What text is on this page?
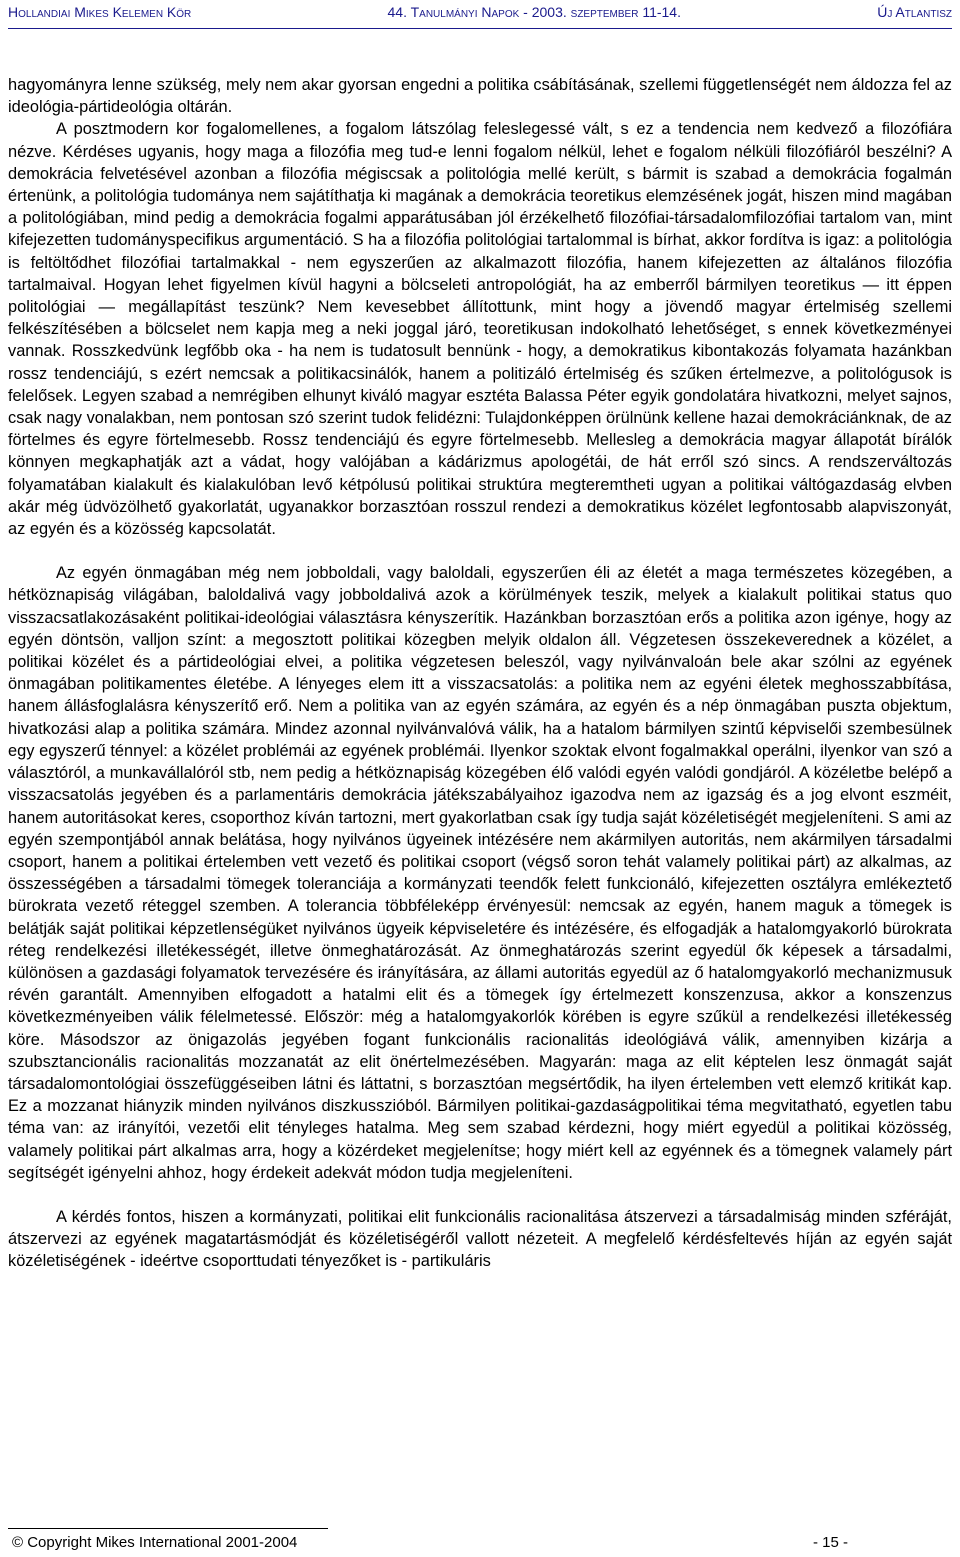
Hollandiai Mikes Kelemen Kör	44. Tanulmányi Napok - 2003. szeptember 11-14.	Új Atlantisz

hagyományra lenne szükség, mely nem akar gyorsan engedni a politika csábításának, szellemi függetlenségét nem áldozza fel az ideológia-pártideológia oltárán.

A posztmodern kor fogalomellenes, a fogalom látszólag feleslegessé vált, s ez a tendencia nem kedvező a filozófiára nézve. Kérdéses ugyanis, hogy maga a filozófia meg tud-e lenni fogalom nélkül, lehet e fogalom nélküli filozófiáról beszélni? A demokrácia felvetésével azonban a filozófia mégiscsak a politológia mellé került, s bármit is szabad a demokrácia fogalmán értenünk, a politológia tudománya nem sajátíthatja ki magának a demokrácia teoretikus elemzésének jogát, hiszen mind magában a politológiában, mind pedig a demokrácia fogalmi apparátusában jól érzékelhető filozófiai-társadalomfilozófiai tartalom van, mint kifejezetten tudományspecifikus argumentáció. S ha a filozófia politológiai tartalommal is bírhat, akkor fordítva is igaz: a politológia is feltöltődhet filozófiai tartalmakkal - nem egyszerűen az alkalmazott filozófia, hanem kifejezetten az általános filozófia tartalmaival. Hogyan lehet figyelmen kívül hagyni a bölcseleti antropológiát, ha az emberről bármilyen teoretikus — itt éppen politológiai — megállapítást teszünk? Nem kevesebbet állítottunk, mint hogy a jövendő magyar értelmiség szellemi felkészítésében a bölcselet nem kapja meg a neki joggal járó, teoretikusan indokolható lehetőséget, s ennek következményei vannak. Rosszkedvünk legfőbb oka - ha nem is tudatosult bennünk - hogy, a demokratikus kibontakozás folyamata hazánkban rossz tendenciájú, s ezért nemcsak a politikacsinálók, hanem a politizáló értelmiség és szűken értelmezve, a politológusok is felelősek. Legyen szabad a nemrégiben elhunyt kiváló magyar esztéta Balassa Péter egyik gondolatára hivatkozni, melyet sajnos, csak nagy vonalakban, nem pontosan szó szerint tudok felidézni: Tulajdonképpen örülnünk kellene hazai demokráciánknak, de az förtelmes és egyre förtelmesebb. Rossz tendenciájú és egyre förtelmesebb. Mellesleg a demokrácia magyar állapotát bírálók könnyen megkaphatják azt a vádat, hogy valójában a kádárizmus apologétái, de hát erről szó sincs. A rendszerváltozás folyamatában kialakult és kialakulóban levő kétpólusú politikai struktúra megteremtheti ugyan a politikai váltógazdaság elvben akár még üdvözölhető gyakorlatát, ugyanakkor borzasztóan rosszul rendezi a demokratikus közélet legfontosabb alapviszonyát, az egyén és a közösség kapcsolatát.

Az egyén önmagában még nem jobboldali, vagy baloldali, egyszerűen éli az életét a maga természetes közegében, a hétköznapiság világában, baloldalivá vagy jobboldalivá azok a körülmények teszik, melyek a kialakult politikai status quo visszacsatlakozásaként politikai-ideológiai választásra kényszerítik. Hazánkban borzasztóan erős a politika azon igénye, hogy az egyén döntsön, valljon színt: a megosztott politikai közegben melyik oldalon áll. Végzetesen összekeverednek a közélet, a politikai közélet és a pártideológiai elvei, a politika végzetesen beleszól, vagy nyilvánvaloán bele akar szólni az egyének önmagában politikamentes életébe. A lényeges elem itt a visszacsatolás: a politika nem az egyéni életek meghosszabbítása, hanem állásfoglalásra kényszerítő erő. Nem a politika van az egyén számára, az egyén és a nép önmagában puszta objektum, hivatkozási alap a politika számára. Mindez azonnal nyilvánvalóvá válik, ha a hatalom bármilyen szintű képviselői szembesülnek egy egyszerű ténnyel: a közélet problémái az egyének problémái. Ilyenkor szoktak elvont fogalmakkal operálni, ilyenkor van szó a választóról, a munkavállalóról stb, nem pedig a hétköznapiság közegében élő valódi egyén valódi gondjáról. A közéletbe belépő a visszacsatolás jegyében és a parlamentáris demokrácia játékszabályaihoz igazodva nem az igazság és a jog elvont eszméit, hanem autoritásokat keres, csoporthoz kíván tartozni, mert gyakorlatban csak így tudja saját közéletiségét megjeleníteni. S ami az egyén szempontjából annak belátása, hogy nyilvános ügyeinek intézésére nem akármilyen autoritás, nem akármilyen társadalmi csoport, hanem a politikai értelemben vett vezető és politikai csoport (végső soron tehát valamely politikai párt) az alkalmas, az összességében a társadalmi tömegek toleranciája a kormányzati teendők felett funkcionáló, kifejezetten osztályra emlékeztető bürokrata vezető réteggel szemben. A tolerancia többféleképp érvényesül: nemcsak az egyén, hanem maguk a tömegek is belátják saját politikai képzetlenségüket nyilvános ügyeik képviseletére és intézésére, és elfogadják a hatalomgyakorló bürokrata réteg rendelkezési illetékességét, illetve önmeghatározását. Az önmeghatározás szerint egyedül ők képesek a társadalmi, különösen a gazdasági folyamatok tervezésére és irányítására, az állami autoritás egyedül az ő hatalomgyakorló mechanizmusuk révén garantált. Amennyiben elfogadott a hatalmi elit és a tömegek így értelmezett konszenzusa, akkor a konszenzus következményeiben válik félelmetessé. Először: még a hatalomgyakorlók körében is egyre szűkül a rendelkezési illetékesség köre. Másodszor az önigazolás jegyében fogant funkcionális racionalitás ideológiává válik, amennyiben kizárja a szubsztancionális racionalitás mozzanatát az elit önértelmezésében. Magyarán: maga az elit képtelen lesz önmagát saját társadalomontológiai összefüggéseiben látni és láttatni, s borzasztóan megsértődik, ha ilyen értelemben vett elemző kritikát kap. Ez a mozzanat hiányzik minden nyilvános diszkusszióból. Bármilyen politikai-gazdaságpolitikai téma megvitatható, egyetlen tabu téma van: az irányítói, vezetői elit tényleges hatalma. Meg sem szabad kérdezni, hogy miért egyedül a politikai közösség, valamely politikai párt alkalmas arra, hogy a közérdeket megjelenítse; hogy miért kell az egyénnek és a tömegnek valamely párt segítségét igényelni ahhoz, hogy érdekeit adekvát módon tudja megjeleníteni.

A kérdés fontos, hiszen a kormányzati, politikai elit funkcionális racionalitása átszervezi a társadalmiság minden szféráját, átszervezi az egyének magatartásmódját és közéletiségéről vallott nézeteit. A megfelelő kérdésfeltevés híján az egyén saját közéletiségének - ideértve csoporttudati tényezőket is - partikuláris

© Copyright Mikes International 2001-2004	- 15 -
